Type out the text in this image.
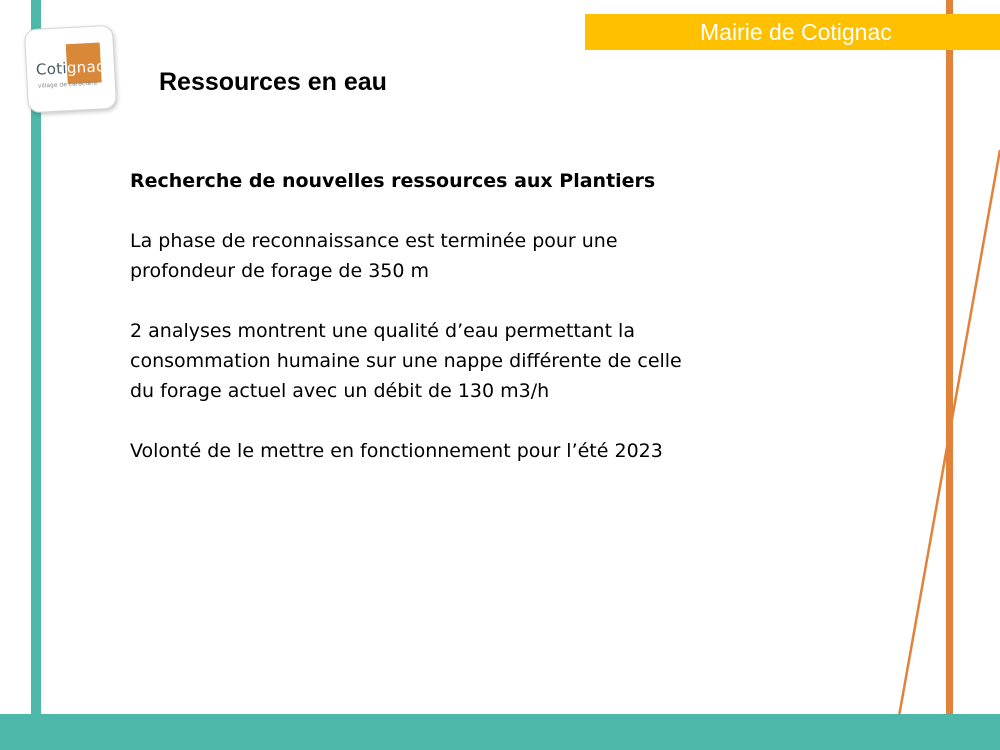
Mairie de Cotignac
Cotignac
village de caractère Ressources en eau

Recherche de nouvelles ressources aux Plantiers

La phase de reconnaissance est terminée pour une

profondeur de forage de 350 m

2 analyses montrent une qualité d’eau permettant la

consommation humaine sur une nappe différente de celle

du forage actuel avec un débit de 130 m3/h

Volonté de le mettre en fonctionnement pour l’été 2023
